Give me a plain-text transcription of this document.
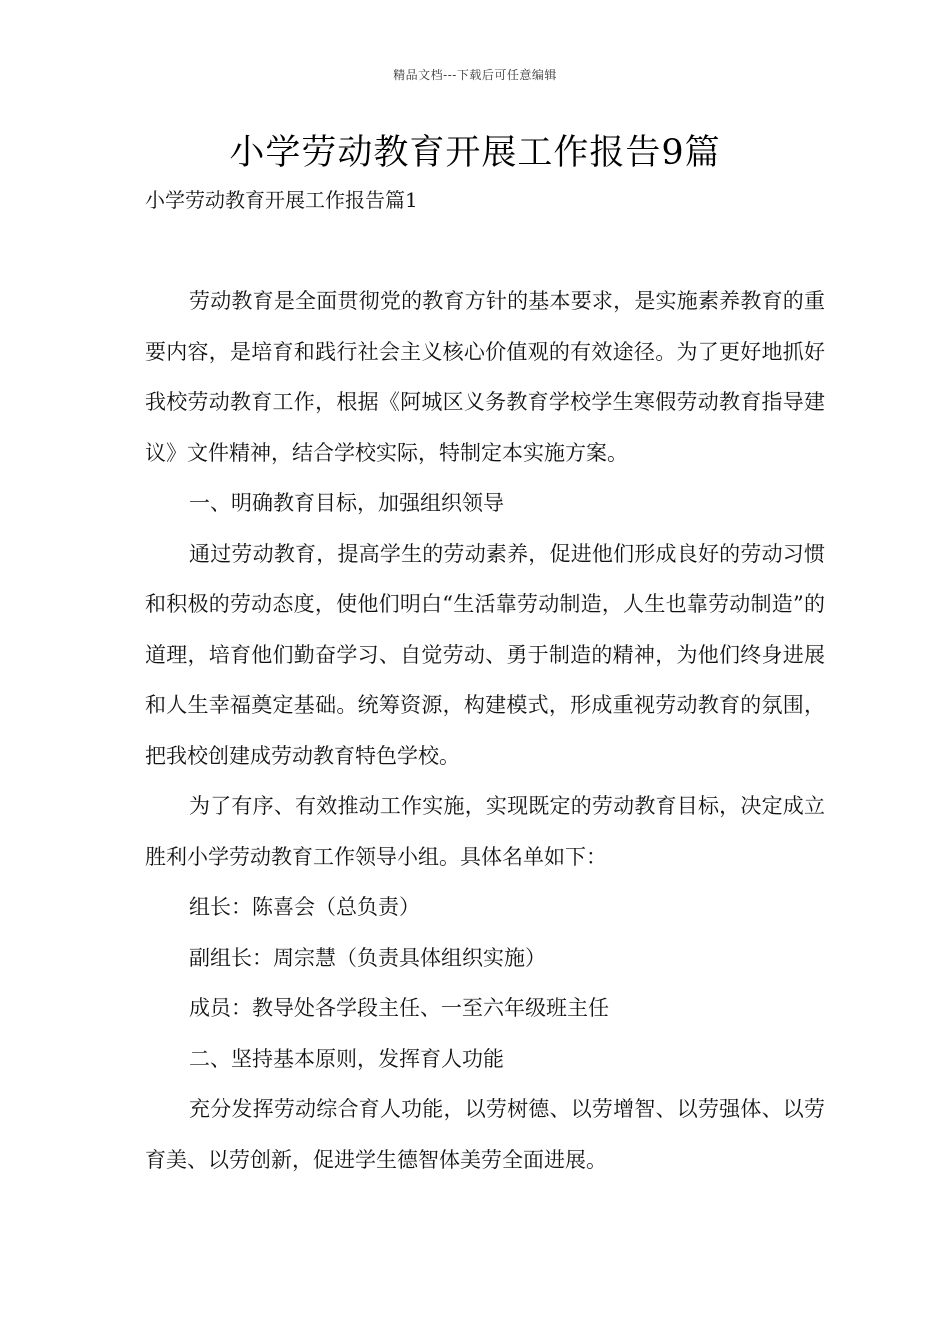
精品文档---下载后可任意编辑
小学劳动教育开展工作报告9篇
小学劳动教育开展工作报告篇1

劳动教育是全面贯彻党的教育方针的基本要求，是实施素养教育的重要内容，是培育和践行社会主义核心价值观的有效途径。为了更好地抓好我校劳动教育工作，根据《阿城区义务教育学校学生寒假劳动教育指导建议》文件精神，结合学校实际，特制定本实施方案。

一、明确教育目标，加强组织领导

通过劳动教育，提高学生的劳动素养，促进他们形成良好的劳动习惯和积极的劳动态度，使他们明白“生活靠劳动制造，人生也靠劳动制造”的道理，培育他们勤奋学习、自觉劳动、勇于制造的精神，为他们终身进展和人生幸福奠定基础。统筹资源，构建模式，形成重视劳动教育的氛围，把我校创建成劳动教育特色学校。

为了有序、有效推动工作实施，实现既定的劳动教育目标，决定成立胜利小学劳动教育工作领导小组。具体名单如下：

组长：陈喜会（总负责）

副组长：周宗慧（负责具体组织实施）

成员：教导处各学段主任、一至六年级班主任

二、坚持基本原则，发挥育人功能

充分发挥劳动综合育人功能，以劳树德、以劳增智、以劳强体、以劳育美、以劳创新，促进学生德智体美劳全面进展。
